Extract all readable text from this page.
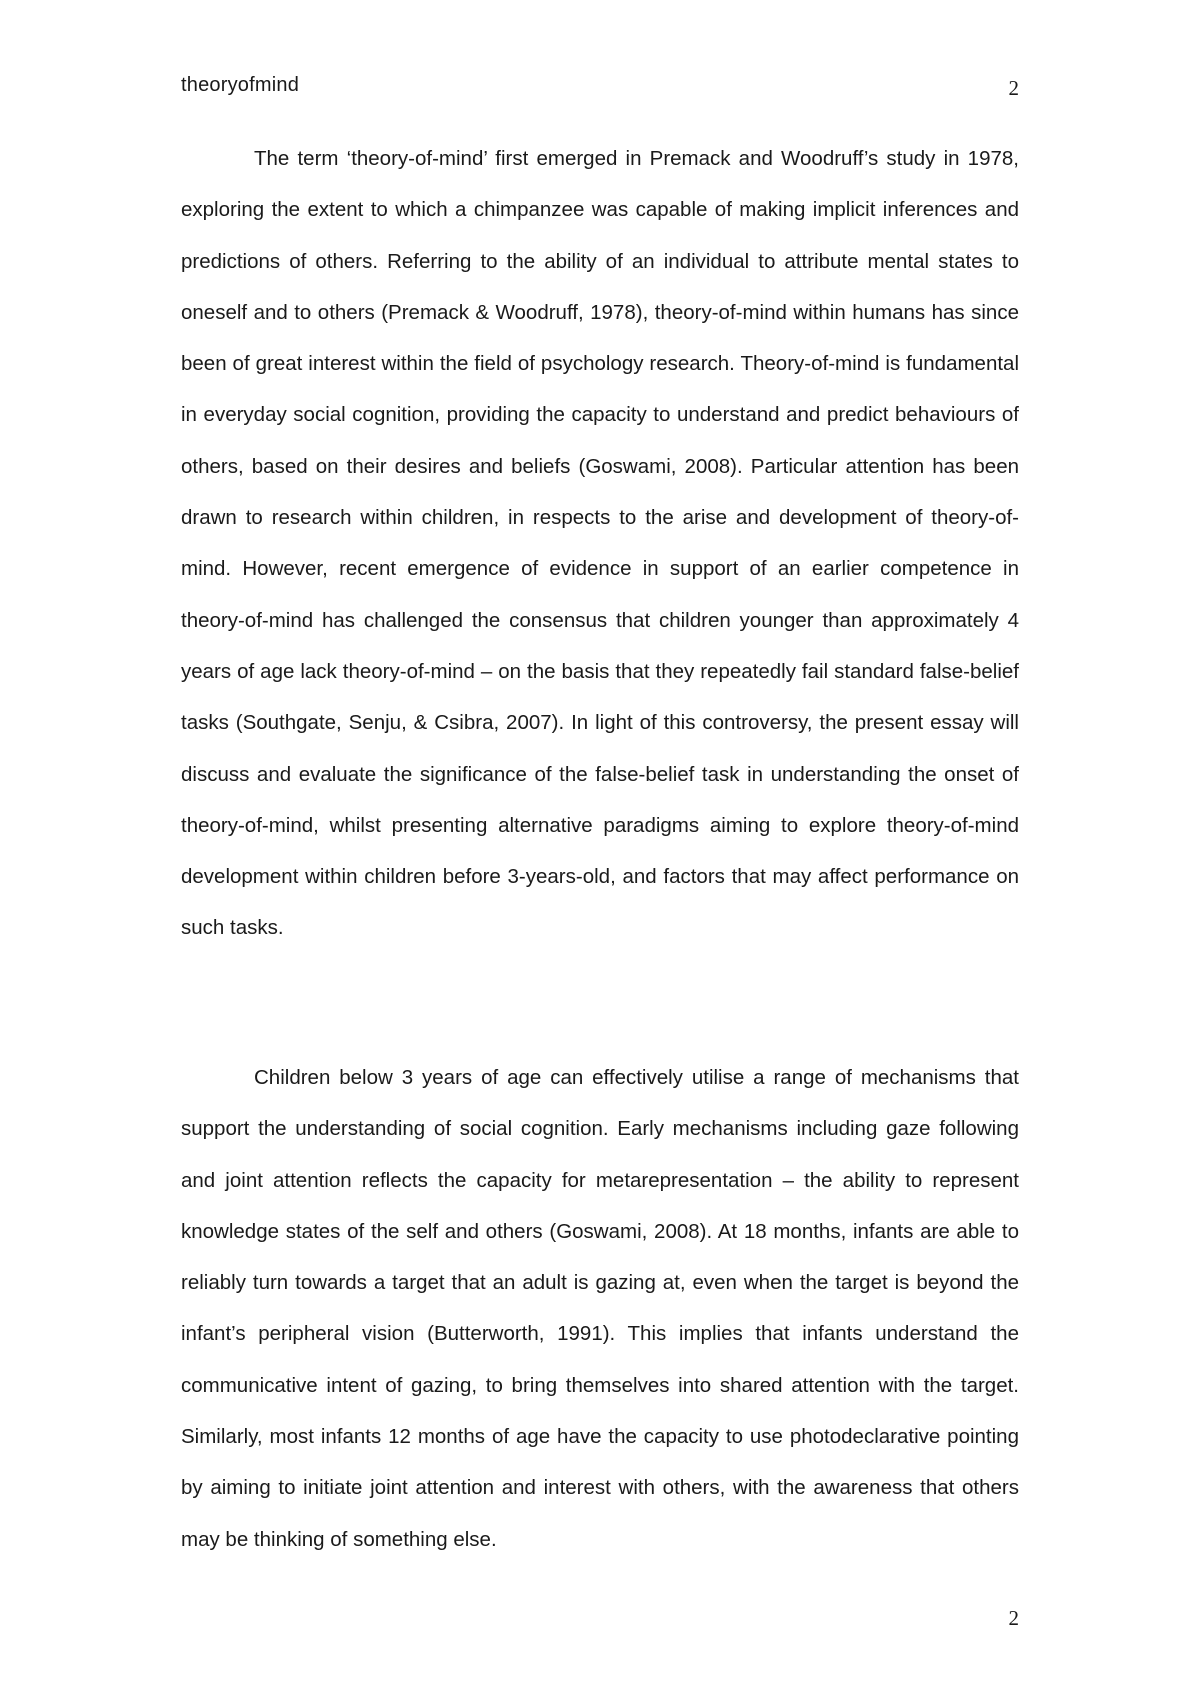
theoryofmind	2

The term ‘theory-of-mind’ first emerged in Premack and Woodruff’s study in 1978, exploring the extent to which a chimpanzee was capable of making implicit inferences and predictions of others. Referring to the ability of an individual to attribute mental states to oneself and to others (Premack & Woodruff, 1978), theory-of-mind within humans has since been of great interest within the field of psychology research. Theory-of-mind is fundamental in everyday social cognition, providing the capacity to understand and predict behaviours of others, based on their desires and beliefs (Goswami, 2008). Particular attention has been drawn to research within children, in respects to the arise and development of theory-of-mind. However, recent emergence of evidence in support of an earlier competence in theory-of-mind has challenged the consensus that children younger than approximately 4 years of age lack theory-of-mind – on the basis that they repeatedly fail standard false-belief tasks (Southgate, Senju, & Csibra, 2007). In light of this controversy, the present essay will discuss and evaluate the significance of the false-belief task in understanding the onset of theory-of-mind, whilst presenting alternative paradigms aiming to explore theory-of-mind development within children before 3-years-old, and factors that may affect performance on such tasks.

Children below 3 years of age can effectively utilise a range of mechanisms that support the understanding of social cognition. Early mechanisms including gaze following and joint attention reflects the capacity for metarepresentation – the ability to represent knowledge states of the self and others (Goswami, 2008). At 18 months, infants are able to reliably turn towards a target that an adult is gazing at, even when the target is beyond the infant’s peripheral vision (Butterworth, 1991). This implies that infants understand the communicative intent of gazing, to bring themselves into shared attention with the target. Similarly, most infants 12 months of age have the capacity to use photodeclarative pointing by aiming to initiate joint attention and interest with others, with the awareness that others may be thinking of something else.

2
